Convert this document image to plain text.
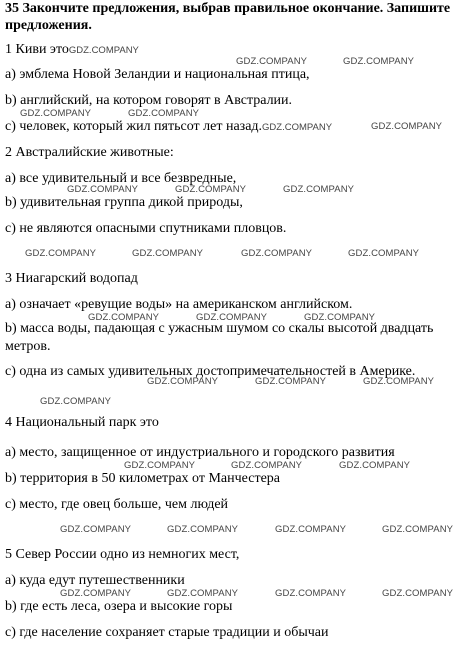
35 Закончите предложения, выбрав правильное окончание. Запишите
предложения.
1 Киви этоGDZ.COMPANY
a) эмблема Новой Зеландии и национальная птица,
b) английский, на котором говорят в Австралии.
c) человек, который жил пятьсот лет назад.GDZ.COMPANY
2 Австралийские животные:
a) все удивительный и все безвредные,
b) удивительная группа дикой природы,
c) не являются опасными спутниками пловцов.
3 Ниагарский водопад
a) означает «ревущие воды» на американском английском.
b) масса воды, падающая с ужасным шумом со скалы высотой двадцать
метров.
c) одна из самых удивительных достопримечательностей в Америке.
4 Национальный парк это
a) место, защищенное от индустриального и городского развития
b) территория в 50 километрах от Манчестера
c) место, где овец больше, чем людей
5 Север России одно из немногих мест,
a) куда едут путешественники
b) где есть леса, озера и высокие горы
c) где население сохраняет старые традиции и обычаи
GDZ.COMPANY	GDZ.COMPANY
GDZ.COMPANY	GDZ.COMPANY
GDZ.COMPANY
GDZ.COMPANY	GDZ.COMPANY	GDZ.COMPANY
GDZ.COMPANY	GDZ.COMPANY	GDZ.COMPANY	GDZ.COMPANY
GDZ.COMPANY	GDZ.COMPANY	GDZ.COMPANY
GDZ.COMPANY	GDZ.COMPANY	GDZ.COMPANY
GDZ.COMPANY
GDZ.COMPANY	GDZ.COMPANY	GDZ.COMPANY
GDZ.COMPANY	GDZ.COMPANY	GDZ.COMPANY	GDZ.COMPANY
GDZ.COMPANY	GDZ.COMPANY	GDZ.COMPANY	GDZ.COMPANY
